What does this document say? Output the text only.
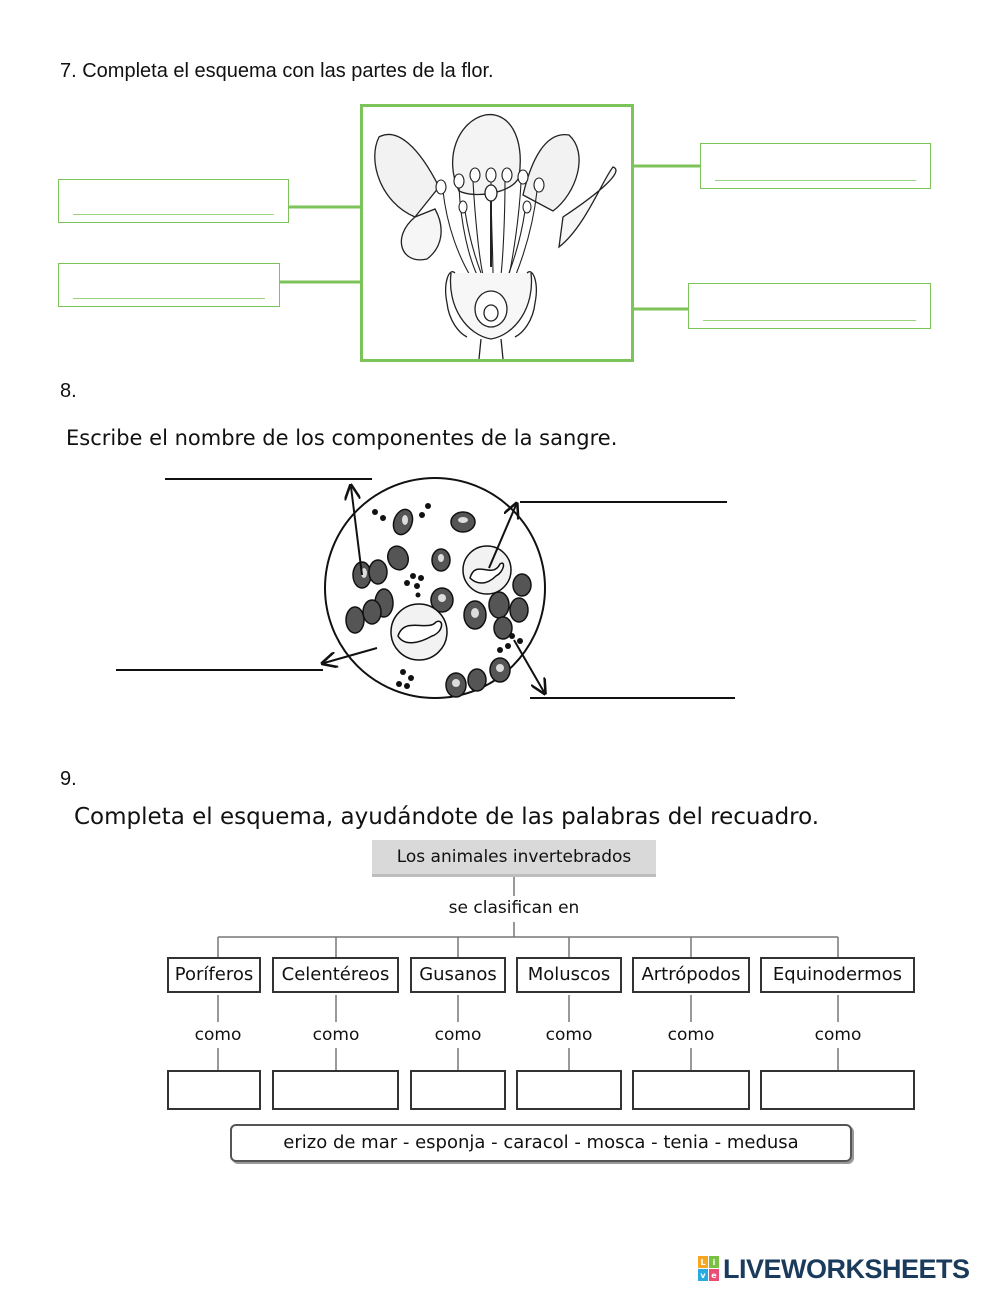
7. Completa el esquema con las partes de la flor.
8.
Escribe el nombre de los componentes de la sangre.
9.
Completa el esquema, ayudándote de las palabras del recuadro.
Los animales invertebrados
se clasifican en
Poríferos	Celentéreos	Gusanos	Moluscos	Artrópodos	Equinodermos
como	como	como	como	como	como
erizo de mar - esponja - caracol - mosca - tenia - medusa
L i
v e LIVEWORKSHEETS
